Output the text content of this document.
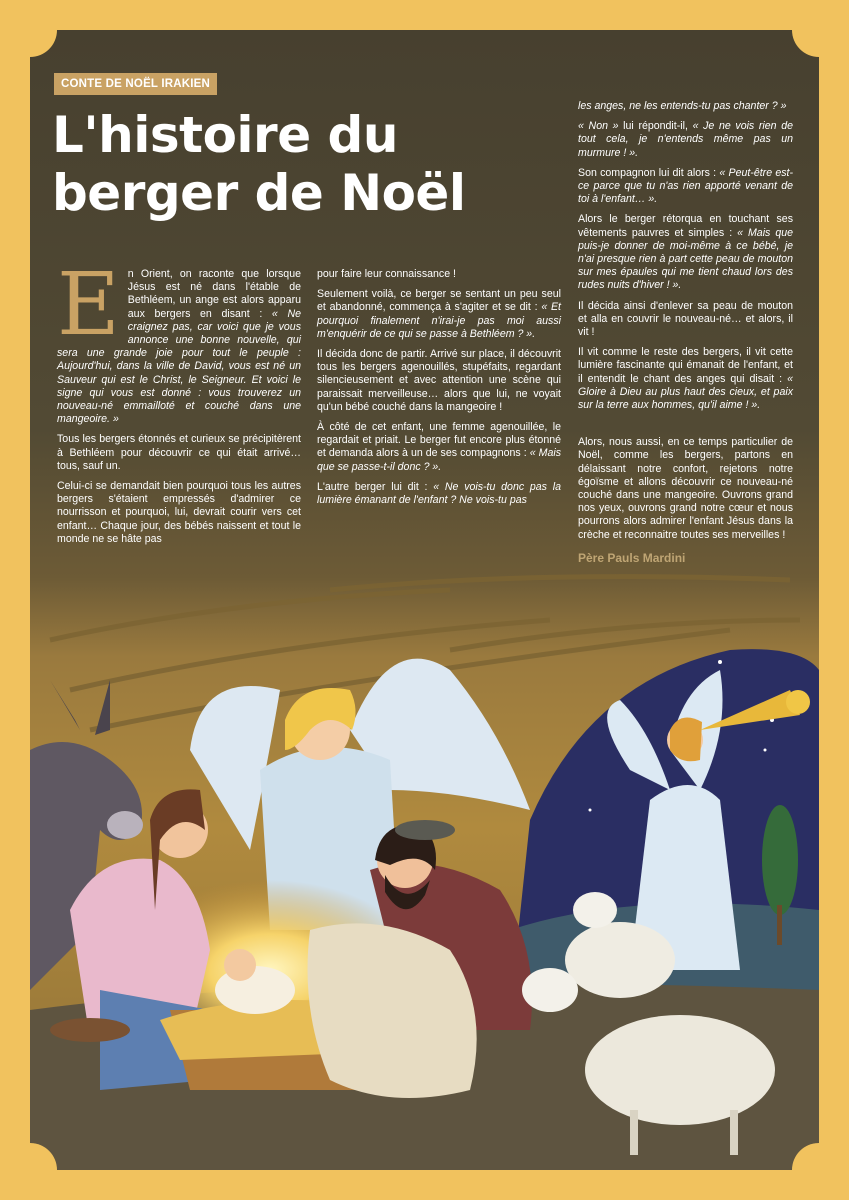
CONTE DE NOËL IRAKIEN
L'histoire du
berger de Noël

En Orient, on raconte que lorsque Jésus est né dans l'étable de Bethléem, un ange est alors apparu aux bergers en disant : « Ne craignez pas, car voici que je vous annonce une bonne nouvelle, qui sera une grande joie pour tout le peuple : Aujourd'hui, dans la ville de David, vous est né un Sauveur qui est le Christ, le Seigneur. Et voici le signe qui vous est donné : vous trouverez un nouveau-né emmailloté et couché dans une mangeoire. »

Tous les bergers étonnés et curieux se précipitèrent à Bethléem pour découvrir ce qui était arrivé… tous, sauf un.

Celui-ci se demandait bien pourquoi tous les autres bergers s'étaient empressés d'admirer ce nourrisson et pourquoi, lui, devrait courir vers cet enfant… Chaque jour, des bébés naissent et tout le monde ne se hâte pas

pour faire leur connaissance !

Seulement voilà, ce berger se sentant un peu seul et abandonné, commença à s'agiter et se dit : « Et pourquoi finalement n'irai-je pas moi aussi m'enquérir de ce qui se passe à Bethléem ? ».

Il décida donc de partir. Arrivé sur place, il découvrit tous les bergers agenouillés, stupéfaits, regardant silencieusement et avec attention une scène qui paraissait merveilleuse… alors que lui, ne voyait qu'un bébé couché dans la mangeoire !

À côté de cet enfant, une femme agenouillée, le regardait et priait. Le berger fut encore plus étonné et demanda alors à un de ses compagnons : « Mais que se passe-t-il donc ? ».

L'autre berger lui dit : « Ne vois-tu donc pas la lumière émanant de l'enfant ? Ne vois-tu pas

les anges, ne les entends-tu pas chanter ? »

« Non » lui répondit-il, « Je ne vois rien de tout cela, je n'entends même pas un murmure ! ».

Son compagnon lui dit alors : « Peut-être est-ce parce que tu n'as rien apporté venant de toi à l'enfant… ».

Alors le berger rétorqua en touchant ses vêtements pauvres et simples : « Mais que puis-je donner de moi-même à ce bébé, je n'ai presque rien à part cette peau de mouton sur mes épaules qui me tient chaud lors des rudes nuits d'hiver ! ».

Il décida ainsi d'enlever sa peau de mouton et alla en couvrir le nouveau-né… et alors, il vit !

Il vit comme le reste des bergers, il vit cette lumière fascinante qui émanait de l'enfant, et il entendit le chant des anges qui disait : « Gloire à Dieu au plus haut des cieux, et paix sur la terre aux hommes, qu'il aime ! ».

Alors, nous aussi, en ce temps particulier de Noël, comme les bergers, partons en délaissant notre confort, rejetons notre égoïsme et allons découvrir ce nouveau-né couché dans une mangeoire. Ouvrons grand nos yeux, ouvrons grand notre cœur et nous pourrons alors admirer l'enfant Jésus dans la crèche et reconnaitre toutes ses merveilles !

Père Pauls Mardini
